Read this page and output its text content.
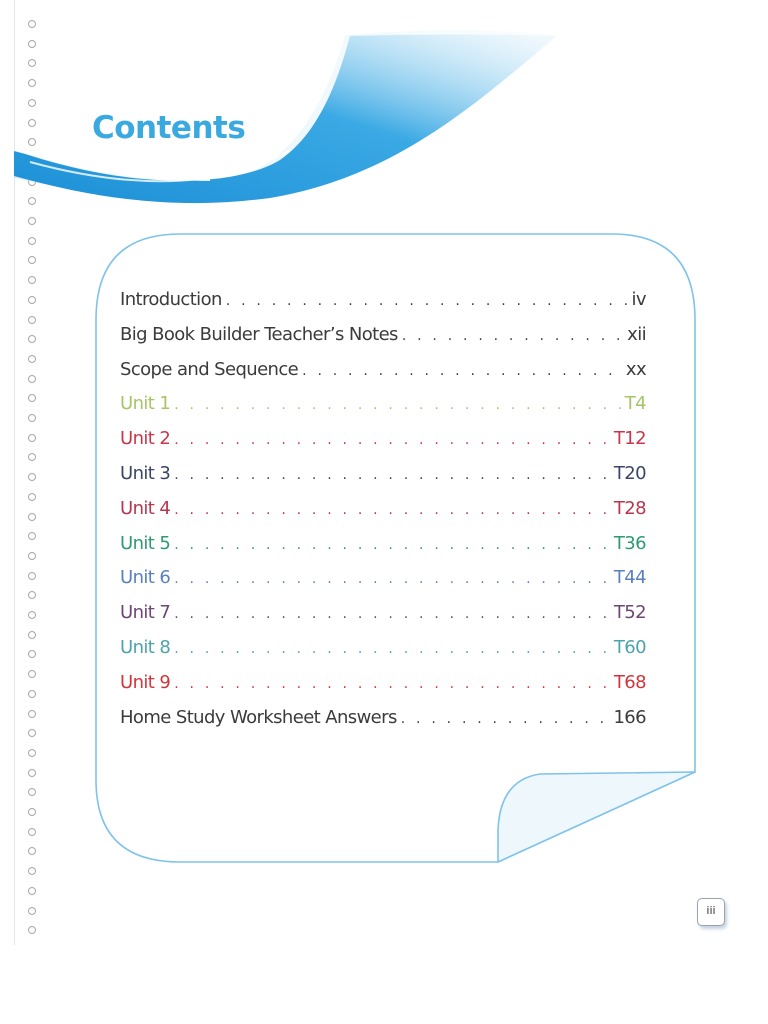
Contents
Introduction . . .	iv
Big Book Builder Teacher’s Notes . . .	xii
Scope and Sequence . . .	xx
Unit 1 . . .	T4
Unit 2 . . .	T12
Unit 3 . . .	T20
Unit 4 . . .	T28
Unit 5 . . .	T36
Unit 6 . . .	T44
Unit 7 . . .	T52
Unit 8 . . .	T60
Unit 9 . . .	T68
Home Study Worksheet Answers . . .	166
iii
